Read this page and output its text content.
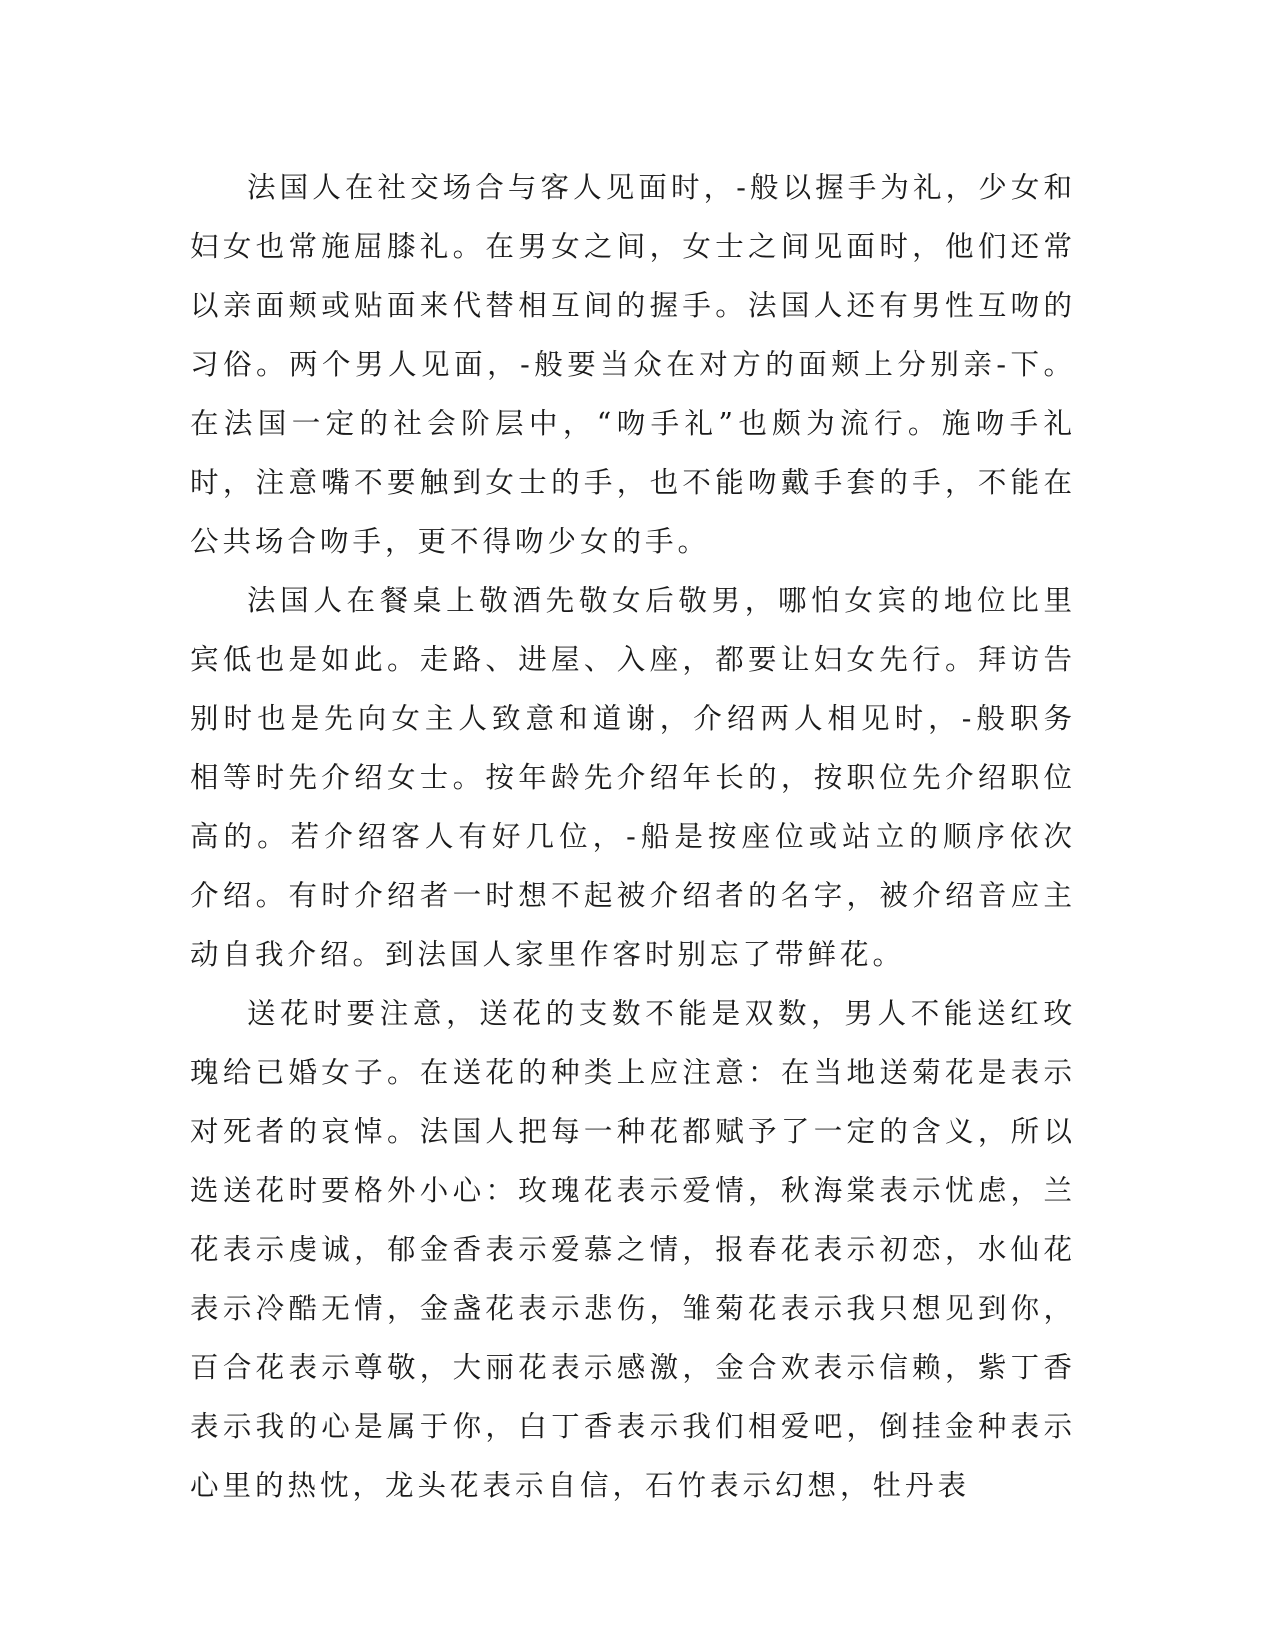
法国人在社交场合与客人见面时，-般以握手为礼，少女和妇女也常施屈膝礼。在男女之间，女士之间见面时，他们还常以亲面颊或贴面来代替相互间的握手。法国人还有男性互吻的习俗。两个男人见面，-般要当众在对方的面颊上分别亲-下。在法国一定的社会阶层中，“吻手礼”也颇为流行。施吻手礼时，注意嘴不要触到女士的手，也不能吻戴手套的手，不能在公共场合吻手，更不得吻少女的手。

法国人在餐桌上敬酒先敬女后敬男，哪怕女宾的地位比里宾低也是如此。走路、进屋、入座，都要让妇女先行。拜访告别时也是先向女主人致意和道谢，介绍两人相见时，-般职务相等时先介绍女士。按年龄先介绍年长的，按职位先介绍职位高的。若介绍客人有好几位，-船是按座位或站立的顺序依次介绍。有时介绍者一时想不起被介绍者的名字，被介绍音应主动自我介绍。到法国人家里作客时别忘了带鲜花。

送花时要注意，送花的支数不能是双数，男人不能送红玫瑰给已婚女子。在送花的种类上应注意：在当地送菊花是表示对死者的哀悼。法国人把每一种花都赋予了一定的含义，所以选送花时要格外小心：玫瑰花表示爱情，秋海棠表示忧虑，兰花表示虔诚，郁金香表示爱慕之情，报春花表示初恋，水仙花表示冷酷无情，金盏花表示悲伤，雏菊花表示我只想见到你，百合花表示尊敬，大丽花表示感激，金合欢表示信赖，紫丁香表示我的心是属于你，白丁香表示我们相爱吧，倒挂金种表示心里的热忱，龙头花表示自信，石竹表示幻想，牡丹表
